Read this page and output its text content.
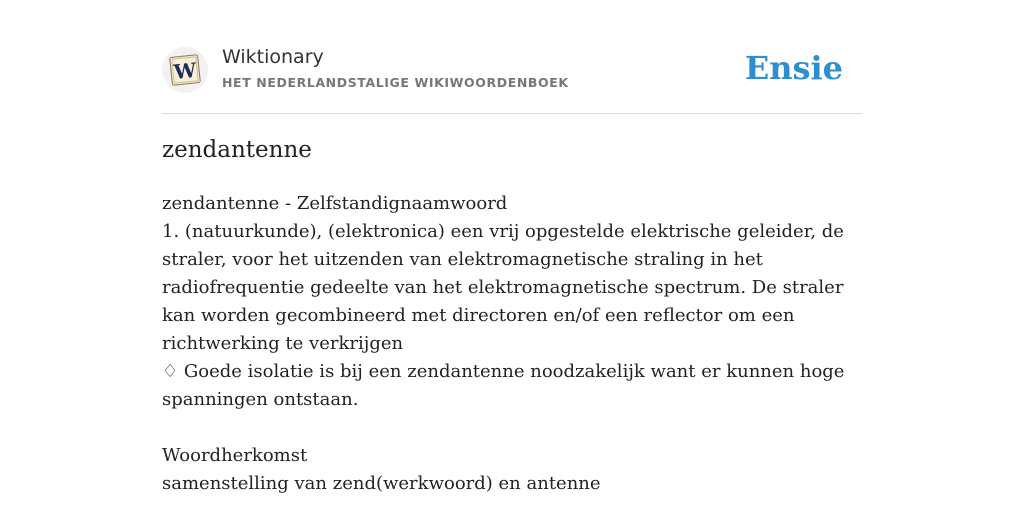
W
Wiktionary
HET NEDERLANDSTALIGE WIKIWOORDENBOEK	Ensie
zendantenne

zendantenne - Zelfstandignaamwoord

1. (natuurkunde), (elektronica) een vrij opgestelde elektrische geleider, de straler, voor het uitzenden van elektromagnetische straling in het radiofrequentie gedeelte van het elektromagnetische spectrum. De straler kan worden gecombineerd met directoren en/of een reflector om een richtwerking te verkrijgen

♢ Goede isolatie is bij een zendantenne noodzakelijk want er kunnen hoge spanningen ontstaan.

Woordherkomst

samenstelling van zend(werkwoord) en antenne
